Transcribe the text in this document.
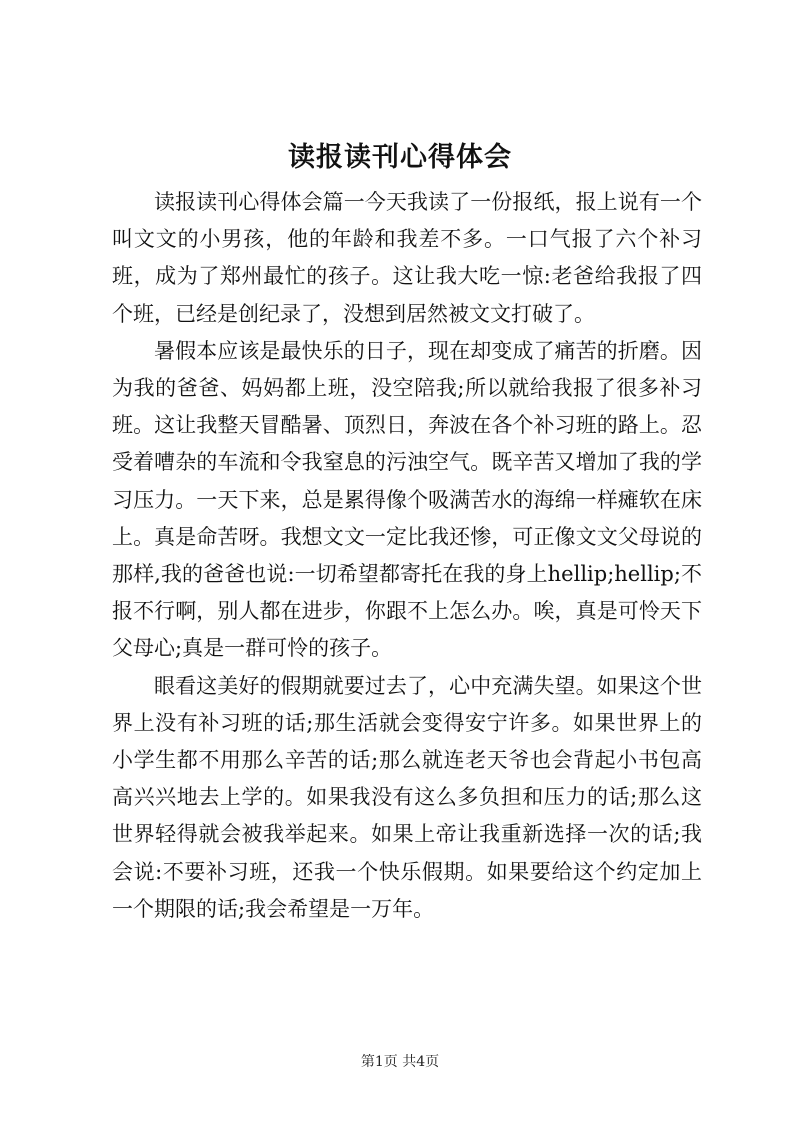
读报读刊心得体会

读报读刊心得体会篇一今天我读了一份报纸，报上说有一个叫文文的小男孩，他的年龄和我差不多。一口气报了六个补习班，成为了郑州最忙的孩子。这让我大吃一惊:老爸给我报了四个班，已经是创纪录了，没想到居然被文文打破了。

暑假本应该是最快乐的日子，现在却变成了痛苦的折磨。因为我的爸爸、妈妈都上班，没空陪我;所以就给我报了很多补习班。这让我整天冒酷暑、顶烈日，奔波在各个补习班的路上。忍受着嘈杂的车流和令我窒息的污浊空气。既辛苦又增加了我的学习压力。一天下来，总是累得像个吸满苦水的海绵一样瘫软在床上。真是命苦呀。我想文文一定比我还惨，可正像文文父母说的那样,我的爸爸也说:一切希望都寄托在我的身上hellip;hellip;不报不行啊，别人都在进步，你跟不上怎么办。唉，真是可怜天下父母心;真是一群可怜的孩子。

眼看这美好的假期就要过去了，心中充满失望。如果这个世界上没有补习班的话;那生活就会变得安宁许多。如果世界上的小学生都不用那么辛苦的话;那么就连老天爷也会背起小书包高高兴兴地去上学的。如果我没有这么多负担和压力的话;那么这世界轻得就会被我举起来。如果上帝让我重新选择一次的话;我会说:不要补习班，还我一个快乐假期。如果要给这个约定加上一个期限的话;我会希望是一万年。

第1页 共4页
